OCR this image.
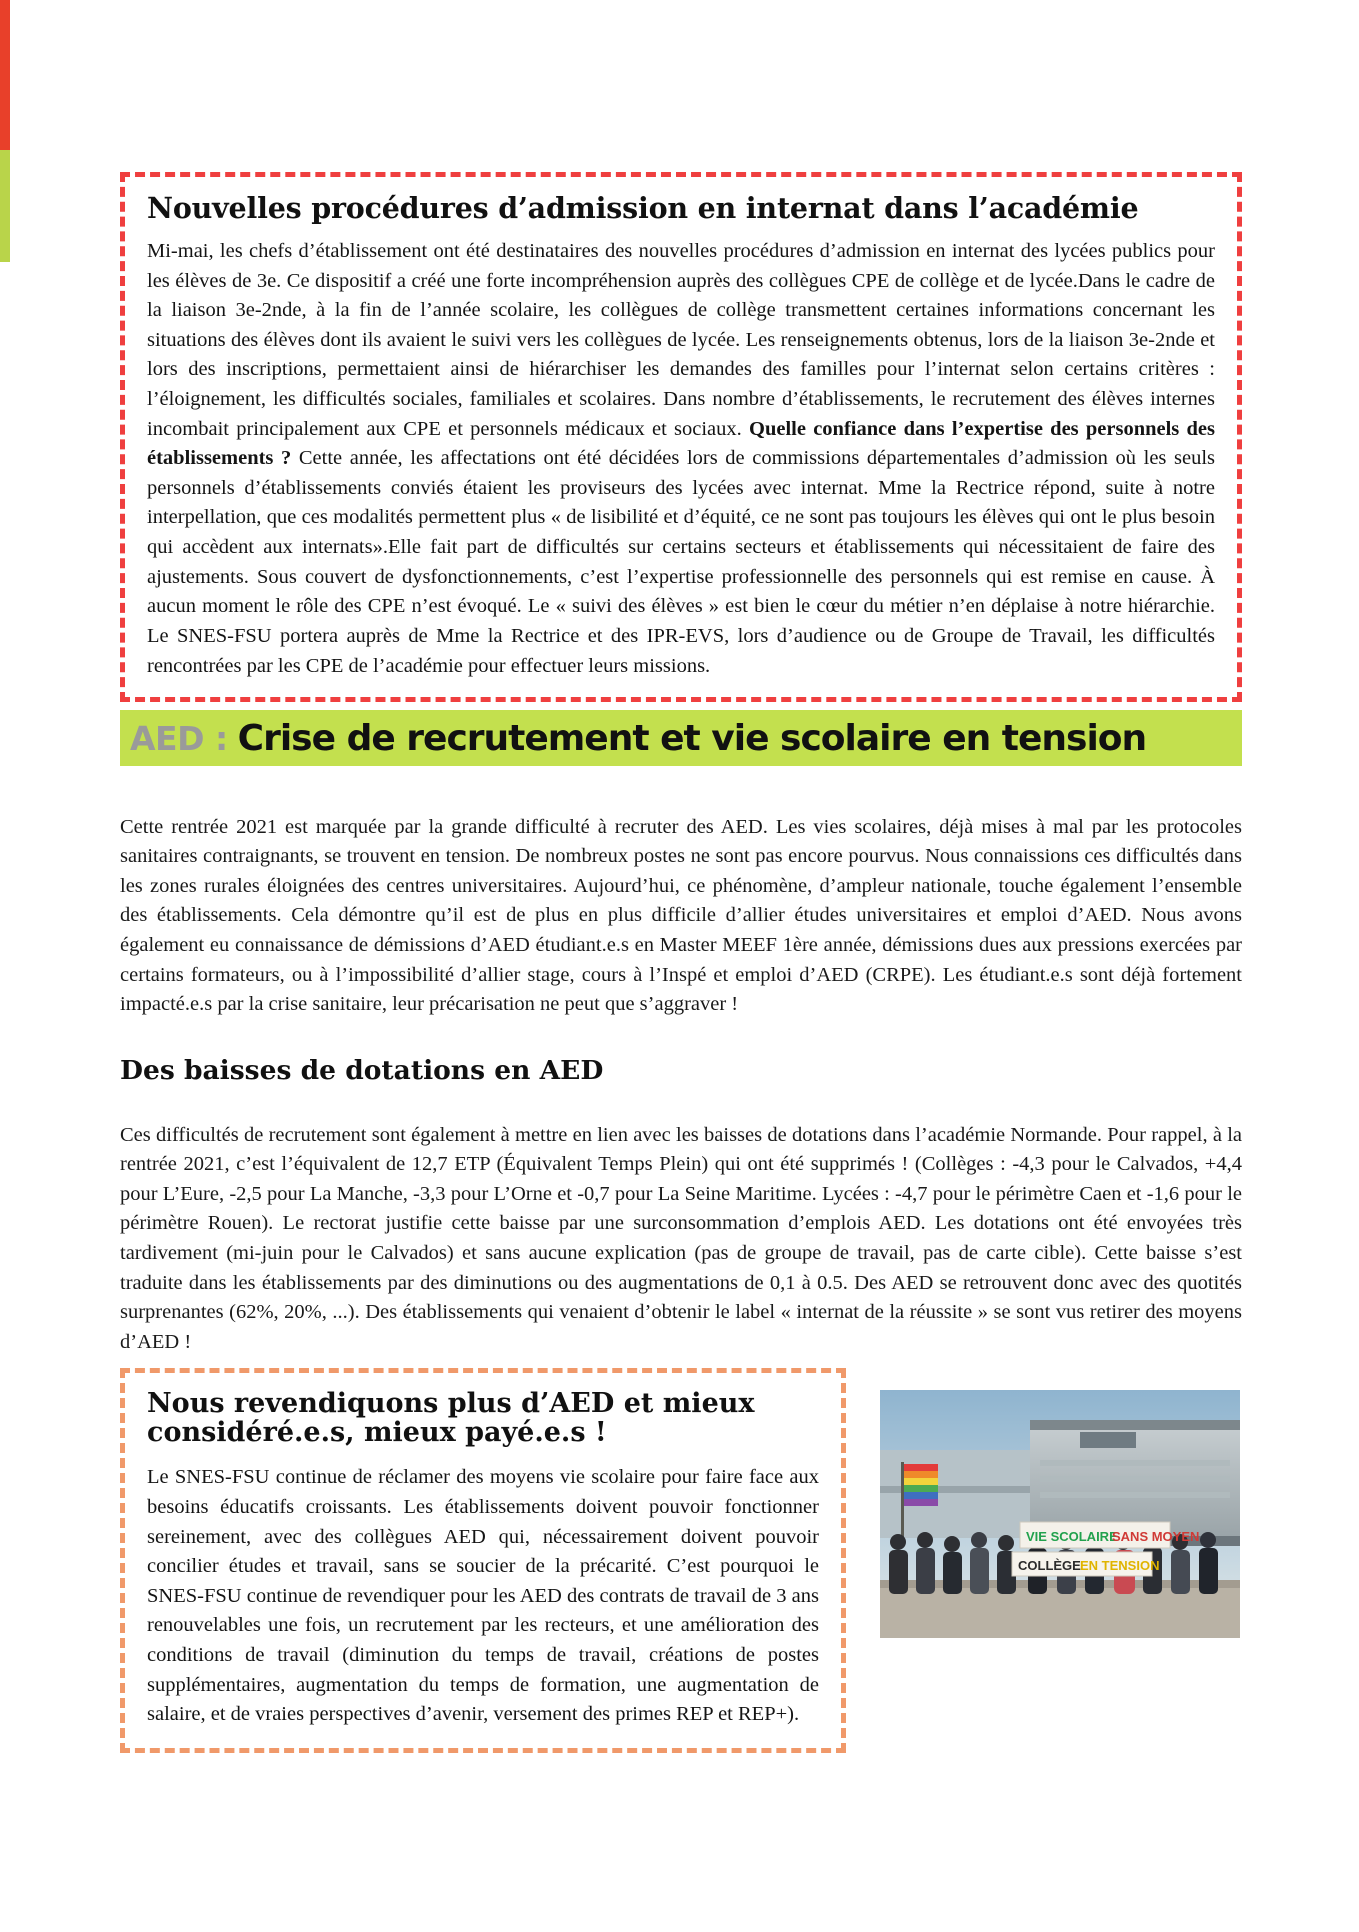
Nouvelles procédures d’admission en internat dans l’académie

Mi-mai, les chefs d’établissement ont été destinataires des nouvelles procédures d’admission en internat des lycées publics pour les élèves de 3e. Ce dispositif a créé une forte incompréhension auprès des collègues CPE de collège et de lycée.Dans le cadre de la liaison 3e-2nde, à la fin de l’année scolaire, les collègues de collège transmettent certaines informations concernant les situations des élèves dont ils avaient le suivi vers les collègues de lycée. Les renseignements obtenus, lors de la liaison 3e-2nde et lors des inscriptions, permettaient ainsi de hiérarchiser les demandes des familles pour l’internat selon certains critères : l’éloignement, les difficultés sociales, familiales et scolaires. Dans nombre d’établissements, le recrutement des élèves internes incombait principalement aux CPE et personnels médicaux et sociaux. Quelle confiance dans l’expertise des personnels des établissements ? Cette année, les affectations ont été décidées lors de commissions départementales d’admission où les seuls personnels d’établissements conviés étaient les proviseurs des lycées avec internat. Mme la Rectrice répond, suite à notre interpellation, que ces modalités permettent plus « de lisibilité et d’équité, ce ne sont pas toujours les élèves qui ont le plus besoin qui accèdent aux internats».Elle fait part de difficultés sur certains secteurs et établissements qui nécessitaient de faire des ajustements. Sous couvert de dysfonctionnements, c’est l’expertise professionnelle des personnels qui est remise en cause. À aucun moment le rôle des CPE n’est évoqué. Le « suivi des élèves » est bien le cœur du métier n’en déplaise à notre hiérarchie. Le SNES-FSU portera auprès de Mme la Rectrice et des IPR-EVS, lors d’audience ou de Groupe de Travail, les difficultés rencontrées par les CPE de l’académie pour effectuer leurs missions.

AED : Crise de recrutement et vie scolaire en tension

Cette rentrée 2021 est marquée par la grande difficulté à recruter des AED. Les vies scolaires, déjà mises à mal par les protocoles sanitaires contraignants, se trouvent en tension. De nombreux postes ne sont pas encore pourvus. Nous connaissions ces difficultés dans les zones rurales éloignées des centres universitaires. Aujourd’hui, ce phénomène, d’ampleur nationale, touche également l’ensemble des établissements. Cela démontre qu’il est de plus en plus difficile d’allier études universitaires et emploi d’AED. Nous avons également eu connaissance de démissions d’AED étudiant.e.s en Master MEEF 1ère année, démissions dues aux pressions exercées par certains formateurs, ou à l’impossibilité d’allier stage, cours à l’Inspé et emploi d’AED (CRPE). Les étudiant.e.s sont déjà fortement impacté.e.s par la crise sanitaire, leur précarisation ne peut que s’aggraver !

Des baisses de dotations en AED

Ces difficultés de recrutement sont également à mettre en lien avec les baisses de dotations dans l’académie Normande. Pour rappel, à la rentrée 2021, c’est l’équivalent de 12,7 ETP (Équivalent Temps Plein) qui ont été supprimés ! (Collèges : -4,3 pour le Calvados, +4,4 pour L’Eure, -2,5 pour La Manche, -3,3 pour L’Orne et -0,7 pour La Seine Maritime. Lycées : -4,7 pour le périmètre Caen et -1,6 pour le périmètre Rouen). Le rectorat justifie cette baisse par une surconsommation d’emplois AED. Les dotations ont été envoyées très tardivement (mi-juin pour le Calvados) et sans aucune explication (pas de groupe de travail, pas de carte cible). Cette baisse s’est traduite dans les établissements par des diminutions ou des augmentations de 0,1 à 0.5. Des AED se retrouvent donc avec des quotités surprenantes (62%, 20%, ...). Des établissements qui venaient d’obtenir le label « internat de la réussite » se sont vus retirer des moyens d’AED !

Nous revendiquons plus d’AED et mieux considéré.e.s, mieux payé.e.s !

Le SNES-FSU continue de réclamer des moyens vie scolaire pour faire face aux besoins éducatifs croissants. Les établissements doivent pouvoir fonctionner sereinement, avec des collègues AED qui, nécessairement doivent pouvoir concilier études et travail, sans se soucier de la précarité. C’est pourquoi le SNES-FSU continue de revendiquer pour les AED des contrats de travail de 3 ans renouvelables une fois, un recrutement par les recteurs, et une amélioration des conditions de travail (diminution du temps de travail, créations de postes supplémentaires, augmentation du temps de formation, une augmentation de salaire, et de vraies perspectives d’avenir, versement des primes REP et REP+).

VIE SCOLAIRE
SANS MOYEN
COLLÈGE EN TENSION
